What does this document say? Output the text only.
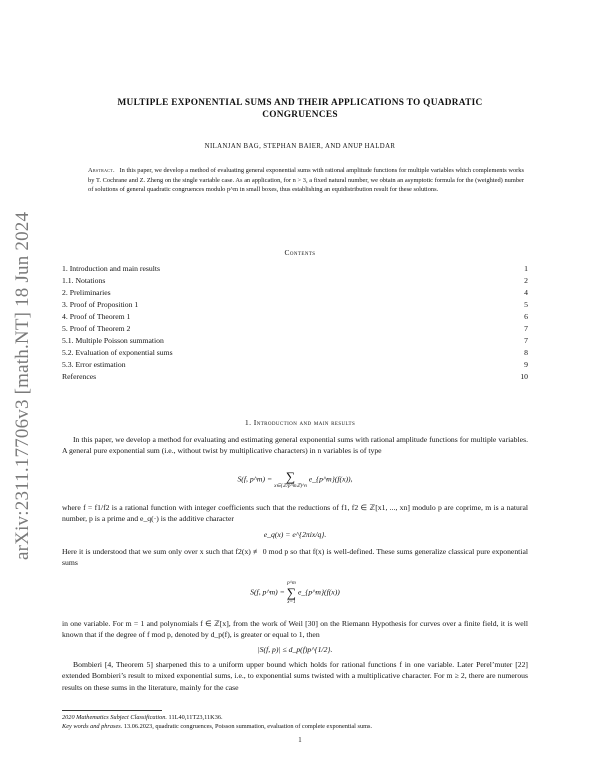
arXiv:2311.17706v3 [math.NT] 18 Jun 2024
MULTIPLE EXPONENTIAL SUMS AND THEIR APPLICATIONS TO QUADRATIC
CONGRUENCES
NILANJAN BAG, STEPHAN BAIER, AND ANUP HALDAR
Abstract. In this paper, we develop a method of evaluating general exponential sums with rational amplitude functions for multiple variables which complements works by T. Cochrane and Z. Zheng on the single variable case. As an application, for n > 3, a fixed natural number, we obtain an asymptotic formula for the (weighted) number of solutions of general quadratic congruences modulo p^m in small boxes, thus establishing an equidistribution result for these solutions.
Contents
1. Introduction and main results	1
1.1. Notations	2
2. Preliminaries	4
3. Proof of Proposition 1	5
4. Proof of Theorem 1	6
5. Proof of Theorem 2	7
5.1. Multiple Poisson summation	7
5.2. Evaluation of exponential sums	8
5.3. Error estimation	9
References	10
1. Introduction and main results

In this paper, we develop a method for evaluating and estimating general exponential sums with rational amplitude functions for multiple variables. A general pure exponential sum (i.e., without twist by multiplicative characters) in n variables is of type

S(f, p^m) =	∑
x∈(ℤ/p^mℤ)^n
e_{p^m}(f(x)),

where f = f1/f2 is a rational function with integer coefficients such that the reductions of f1, f2 ∈ ℤ[x1, ..., xn] modulo p are coprime, m is a natural number, p is a prime and e_q(·) is the additive character

e_q(x) = e^{2πix/q}.

Here it is understood that we sum only over x such that f2(x) ≢ 0 mod p so that f(x) is well-defined. These sums generalize classical pure exponential sums

S(f, p^m) =
p^m
∑
x=1
e_{p^m}(f(x))

in one variable. For m = 1 and polynomials f ∈ ℤ[x], from the work of Weil [30] on the Riemann Hypothesis for curves over a finite field, it is well known that if the degree of f mod p, denoted by d_p(f), is greater or equal to 1, then

|S(f, p)| ≤ d_p(f)p^{1/2}.

Bombieri [4, Theorem 5] sharpened this to a uniform upper bound which holds for rational functions f in one variable. Later Perel’muter [22] extended Bombieri’s result to mixed exponential sums, i.e., to exponential sums twisted with a multiplicative character. For m ≥ 2, there are numerous results on these sums in the literature, mainly for the case

2020 Mathematics Subject Classification. 11L40,11T23,11K36.
Key words and phrases. 13.06.2023, quadratic congruences, Poisson summation, evaluation of complete exponential sums.
1
